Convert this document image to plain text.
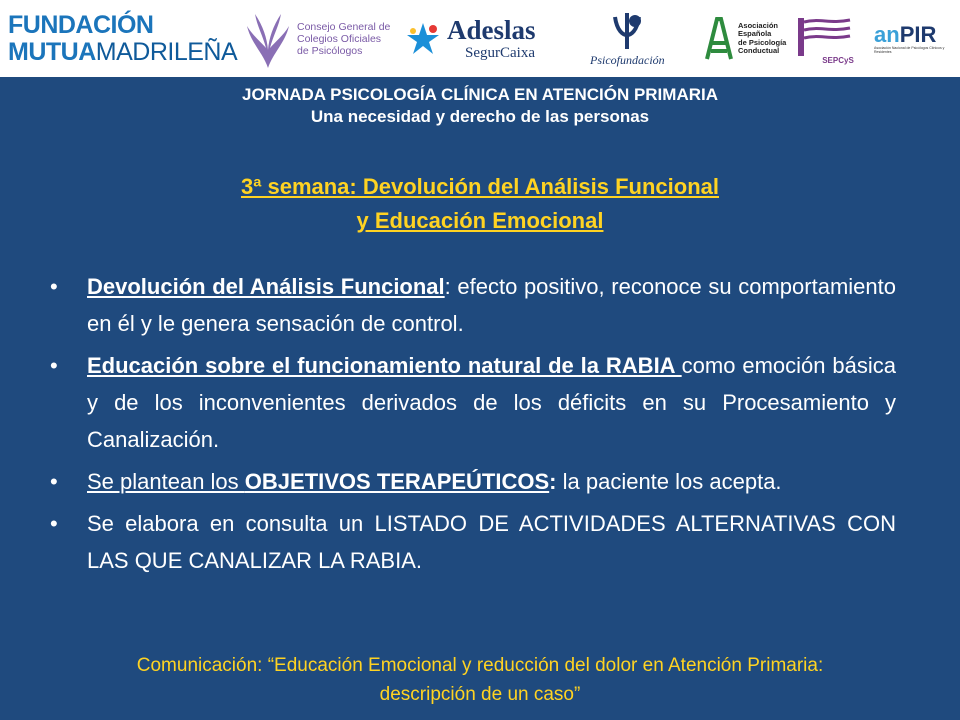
FUNDACIÓN
MUTUAMADRILEÑA
Consejo General de
Colegios Oficiales
de Psicólogos
Adeslas
SegurCaixa	Psicofundación
Asociación
Española
de Psicología
Conductual
SEPCyS
anPIR
Asociación Nacional de Psicólogos Clínicos y Residentes
JORNADA PSICOLOGÍA CLÍNICA EN ATENCIÓN PRIMARIA
Una necesidad y derecho de las personas
3ª semana: Devolución del Análisis Funcional
y Educación Emocional
• Devolución del Análisis Funcional: efecto positivo, reconoce su comportamiento en él y le genera sensación de control.
• Educación sobre el funcionamiento natural de la RABIA como emoción básica y de los inconvenientes derivados de los déficits en su Procesamiento y Canalización.
• Se plantean los OBJETIVOS TERAPEÚTICOS: la paciente los acepta.
• Se elabora en consulta un LISTADO DE ACTIVIDADES ALTERNATIVAS CON LAS QUE CANALIZAR LA RABIA.
Comunicación: “Educación Emocional y reducción del dolor en Atención Primaria:
descripción de un caso”
